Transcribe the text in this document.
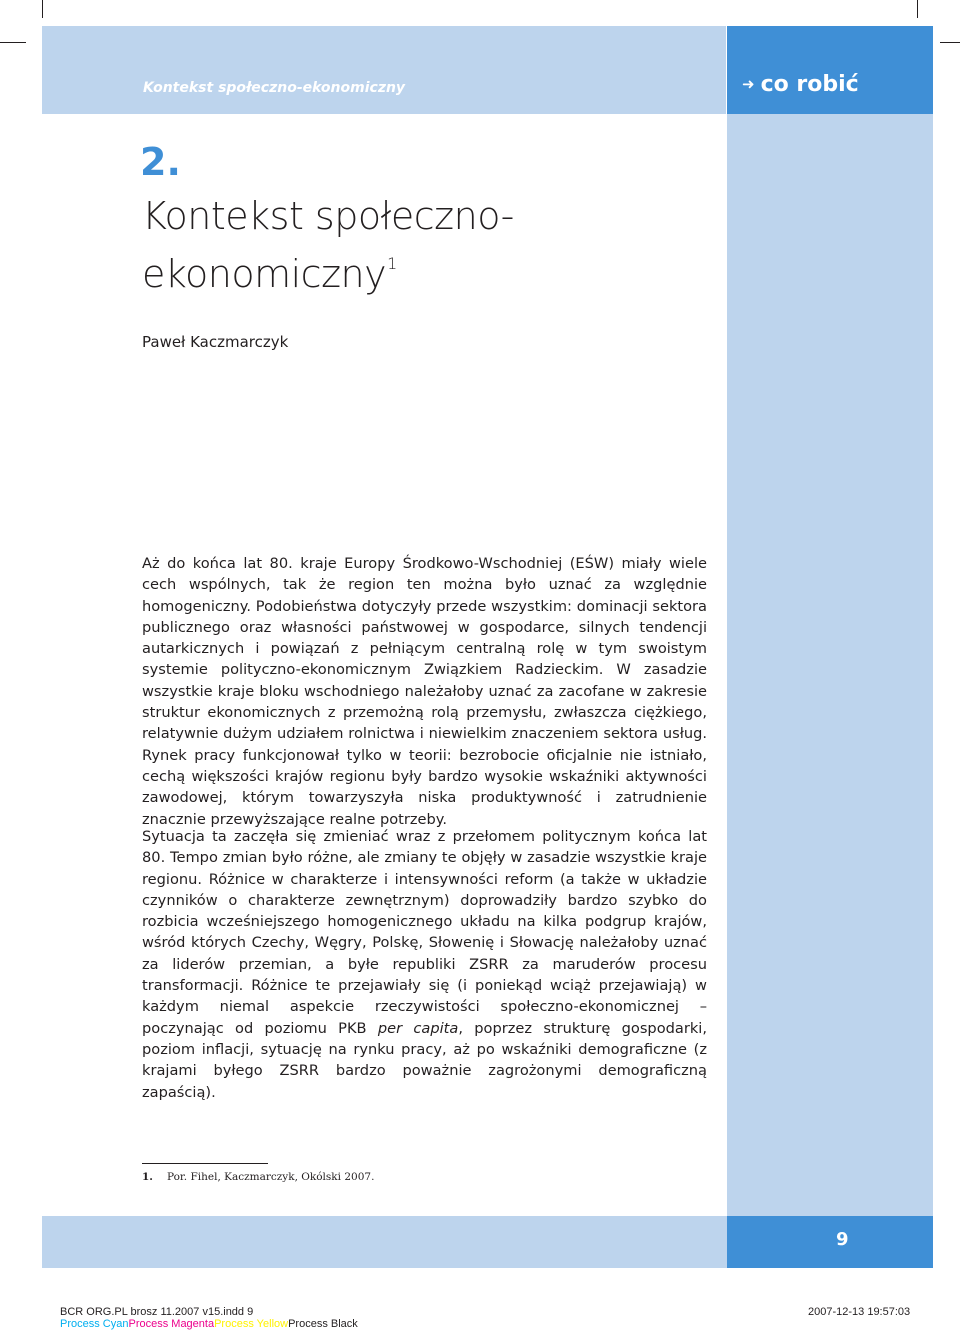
Kontekst społeczno-ekonomiczny	➜ co robić
2.
Kontekst społeczno-
ekonomiczny$^1$
Paweł Kaczmarczyk

Aż do końca lat 80. kraje Europy Środkowo-Wschodniej (EŚW) miały wiele cech wspólnych, tak że region ten można było uznać za względnie homogeniczny. Podobieństwa dotyczyły przede wszystkim: dominacji sektora publicznego oraz własności państwowej w gospodarce, silnych tendencji autarkicznych i powiązań z pełniącym centralną rolę w tym swoistym systemie polityczno-ekonomicznym Związkiem Radzieckim. W zasadzie wszystkie kraje bloku wschodniego należałoby uznać za zacofane w zakresie struktur ekonomicznych z przemożną rolą przemysłu, zwłaszcza ciężkiego, relatywnie dużym udziałem rolnictwa i niewielkim znaczeniem sektora usług. Rynek pracy funkcjonował tylko w teorii: bezrobocie oficjalnie nie istniało, cechą większości krajów regionu były bardzo wysokie wskaźniki aktywności zawodowej, którym towarzyszyła niska produktywność i zatrudnienie znacznie przewyższające realne potrzeby.

Sytuacja ta zaczęła się zmieniać wraz z przełomem politycznym końca lat 80. Tempo zmian było różne, ale zmiany te objęły w zasadzie wszystkie kraje regionu. Różnice w charakterze i intensywności reform (a także w układzie czynników o charakterze zewnętrznym) doprowadziły bardzo szybko do rozbicia wcześniejszego homogenicznego układu na kilka podgrup krajów, wśród których Czechy, Węgry, Polskę, Słowenię i Słowację należałoby uznać za liderów przemian, a byłe republiki ZSRR za maruderów procesu transformacji. Różnice te przejawiały się (i poniekąd wciąż przejawiają) w każdym niemal aspekcie rzeczywistości społeczno-ekonomicznej – poczynając od poziomu PKB per capita, poprzez strukturę gospodarki, poziom inflacji, sytuację na rynku pracy, aż po wskaźniki demograficzne (z krajami byłego ZSRR bardzo poważnie zagrożonymi demograficzną zapaścią).

1. Por. Fihel, Kaczmarczyk, Okólski 2007.
9
BCR ORG.PL brosz 11.2007 v15.indd 9	2007-12-13 19:57:03
Process CyanProcess MagentaProcess YellowProcess Black
